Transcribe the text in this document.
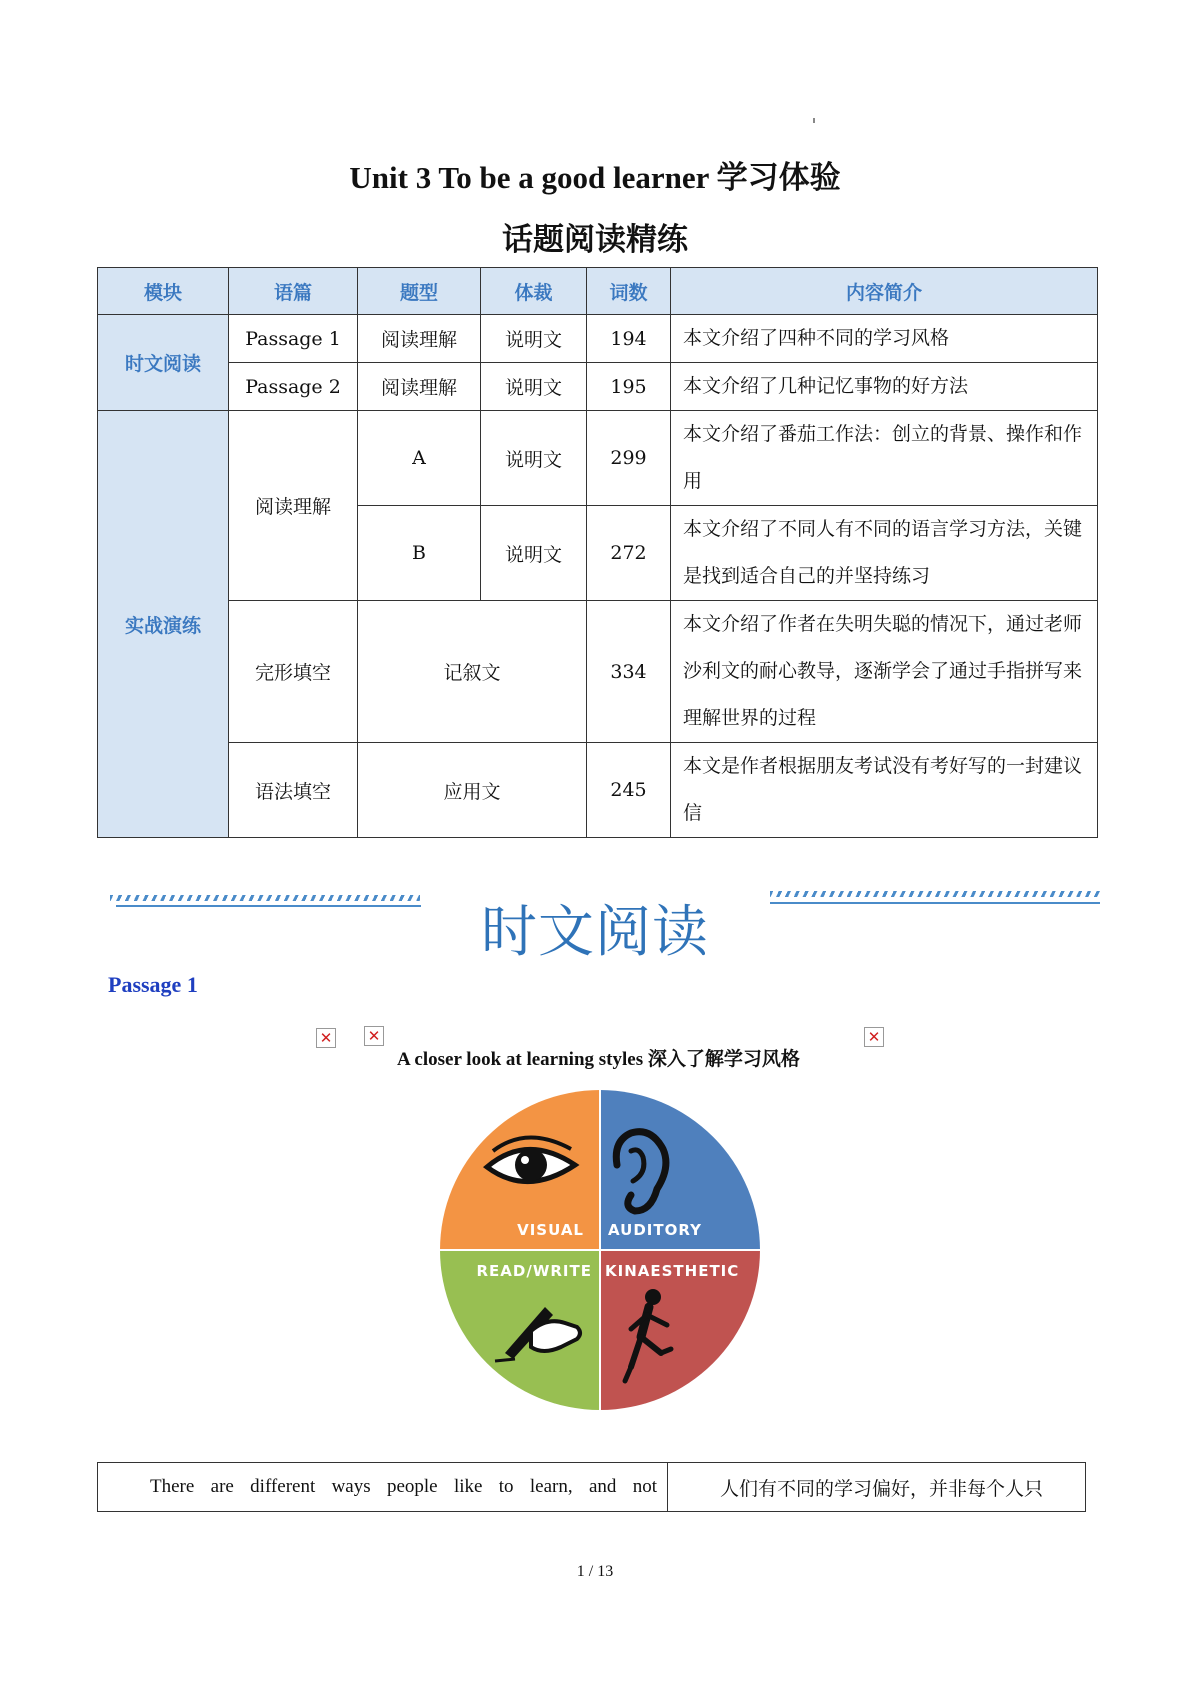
Unit 3 To be a good learner 学习体验
话题阅读精练
模块	语篇	题型	体裁	词数	内容简介
时文阅读	Passage 1	阅读理解	说明文	194	本文介绍了四种不同的学习风格
	Passage 2	阅读理解	说明文	195	本文介绍了几种记忆事物的好方法
实战演练	阅读理解	A	说明文	299	本文介绍了番茄工作法：创立的背景、操作和作用
		B	说明文	272	本文介绍了不同人有不同的语言学习方法，关键是找到适合自己的并坚持练习
	完形填空	记叙文		334	本文介绍了作者在失明失聪的情况下，通过老师沙利文的耐心教导，逐渐学会了通过手指拼写来理解世界的过程
	语法填空	应用文		245	本文是作者根据朋友考试没有考好写的一封建议信
时文阅读
Passage 1
✕ ✕	✕
A closer look at learning styles 深入了解学习风格
VISUAL AUDITORY
READ/WRITE KINAESTHETIC
There are different ways people like to learn, and not	人们有不同的学习偏好，并非每个人只
1 / 13
